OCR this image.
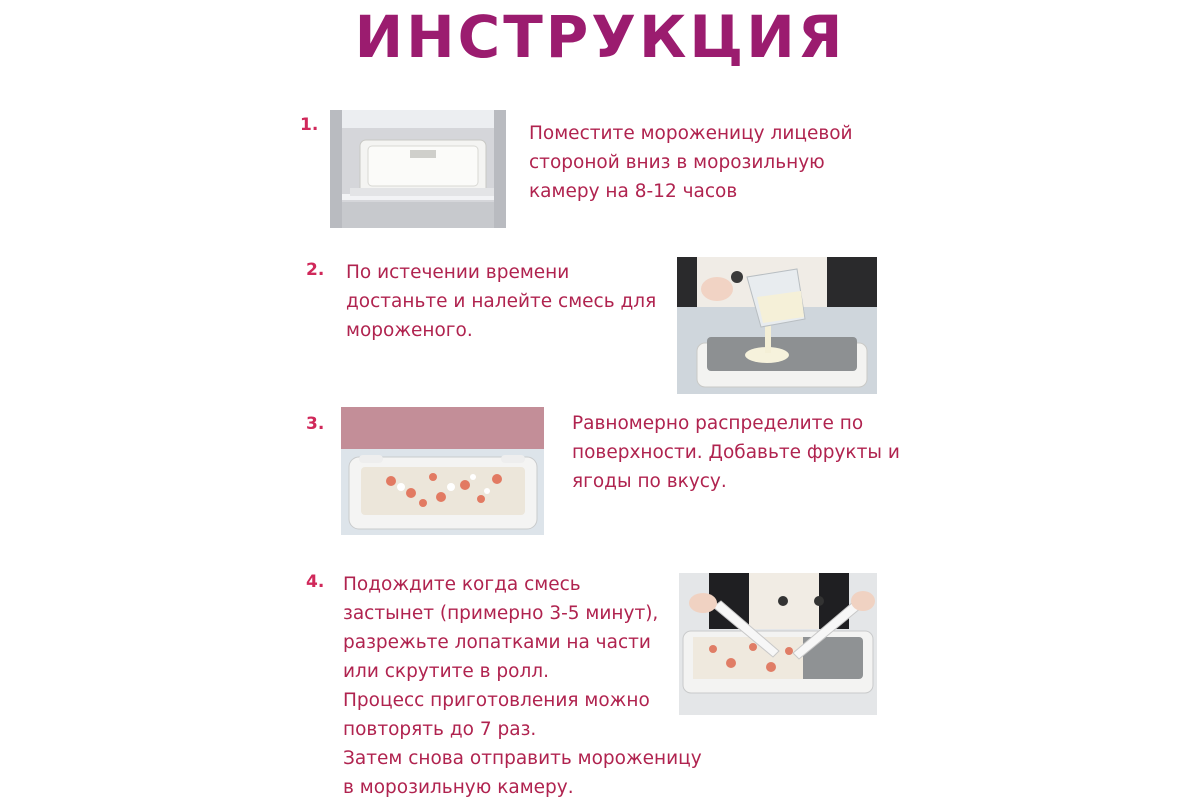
ИНСТРУКЦИЯ
1.	Поместите мороженицу лицевой
стороной вниз в морозильную
камеру на 8-12 часов
2. По истечении времени
достаньте и налейте смесь для
мороженого.
3.	Равномерно распределите по
поверхности. Добавьте фрукты и
ягоды по вкусу.
4. Подождите когда смесь
застынет (примерно 3-5 минут),
разрежьте лопатками на части
или скрутите в ролл.
Процесс приготовления можно
повторять до 7 раз.
Затем снова отправить мороженицу
в морозильную камеру.
